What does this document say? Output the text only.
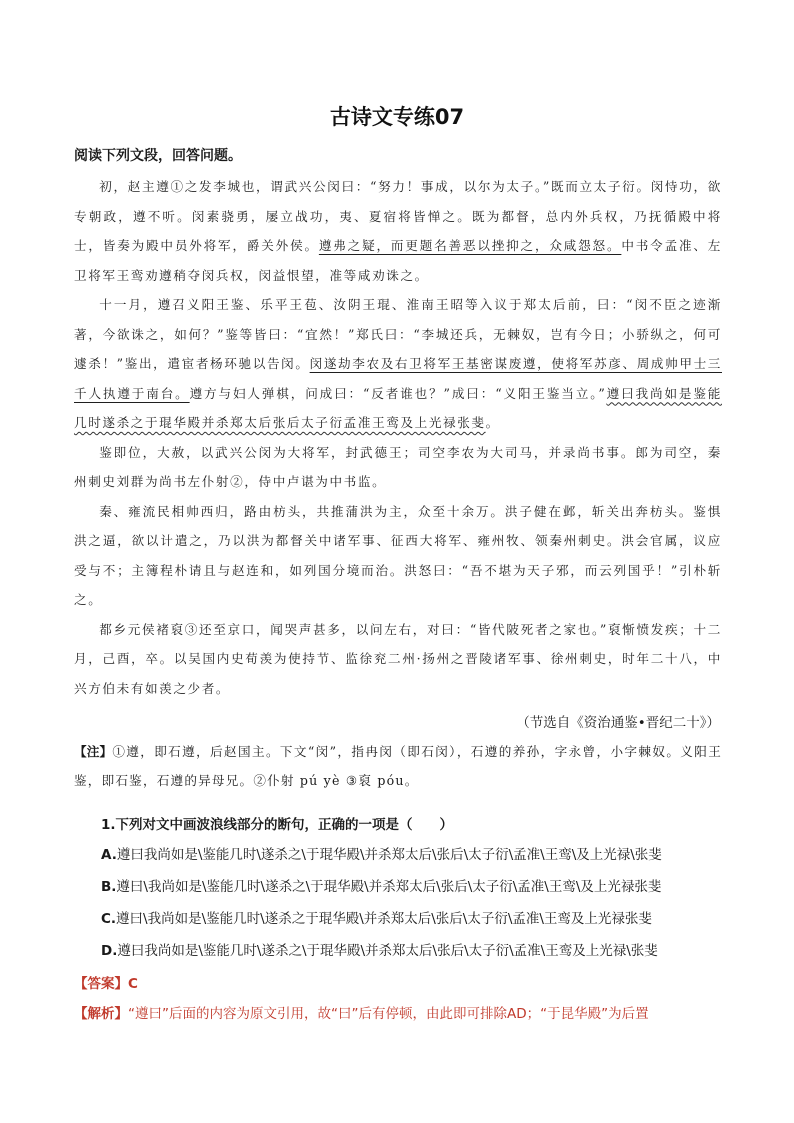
古诗文专练07
阅读下列文段，回答问题。

初，赵主遵①之发李城也，谓武兴公闵曰：“努力！事成，以尔为太子。”既而立太子衍。闵恃功，欲专朝政，遵不听。闵素骁勇，屡立战功，夷、夏宿将皆惮之。既为都督，总内外兵权，乃抚循殿中将士，皆奏为殿中员外将军，爵关外侯。遵弗之疑，而更题名善恶以挫抑之，众咸怨怒。中书令孟准、左卫将军王鸾劝遵稍夺闵兵权，闵益恨望，准等咸劝诛之。

十一月，遵召义阳王鉴、乐平王苞、汝阴王琨、淮南王昭等入议于郑太后前，曰：“闵不臣之迹渐著，今欲诛之，如何？”鉴等皆曰：“宜然！”郑氏曰：“李城还兵，无棘奴，岂有今日；小骄纵之，何可遽杀！”鉴出，遣宦者杨环驰以告闵。闵遂劫李农及右卫将军王基密谋废遵，使将军苏彦、周成帅甲士三千人执遵于南台。遵方与妇人弹棋，问成曰：“反者谁也？”成曰：“义阳王鉴当立。”遵曰我尚如是鉴能几时遂杀之于琨华殿并杀郑太后张后太子衍孟准王鸾及上光禄张斐。

鉴即位，大赦，以武兴公闵为大将军，封武德王；司空李农为大司马，并录尚书事。郎为司空，秦州刺史刘群为尚书左仆射②，侍中卢谌为中书监。

秦、雍流民相帅西归，路由枋头，共推蒲洪为主，众至十余万。洪子健在邺，斩关出奔枋头。鉴惧洪之逼，欲以计遣之，乃以洪为都督关中诸军事、征西大将军、雍州牧、领秦州刺史。洪会官属，议应受与不；主簿程朴请且与赵连和，如列国分境而治。洪怒曰：“吾不堪为天子邪，而云列国乎！”引朴斩之。

都乡元侯褚裒③还至京口，闻哭声甚多，以问左右，对曰：“皆代陂死者之家也。”裒惭愤发疾；十二月，己酉，卒。以吴国内史荀羡为使持节、监徐兖二州·扬州之晋陵诸军事、徐州刺史，时年二十八，中兴方伯未有如羡之少者。

（节选自《资治通鉴•晋纪二十》）
【注】①遵，即石遵，后赵国主。下文“闵”，指冉闵（即石闵），石遵的养孙，字永曾，小字棘奴。义阳王鉴，即石鉴，石遵的异母兄。②仆射 pú yè ③裒 póu。
1.下列对文中画波浪线部分的断句，正确的一项是（　　）
A.遵曰我尚如是\鉴能几时\遂杀之\于琨华殿\并杀郑太后\张后\太子衍\孟准\王鸾\及上光禄\张斐
B.遵曰\我尚如是\鉴能几时\遂杀之\于琨华殿\并杀郑太后\张后\太子衍\孟准\王鸾\及上光禄张斐
C.遵曰\我尚如是\鉴能几时\遂杀之于琨华殿\并杀郑太后\张后\太子衍\孟准\王鸾及上光禄张斐
D.遵曰我尚如是\鉴能几时\遂杀之\于琨华殿\并杀郑太后\张后\太子衍\孟准\王鸾及上光禄\张斐
【答案】C
【解析】“遵曰”后面的内容为原文引用，故“曰”后有停顿，由此即可排除AD；“于昆华殿”为后置
